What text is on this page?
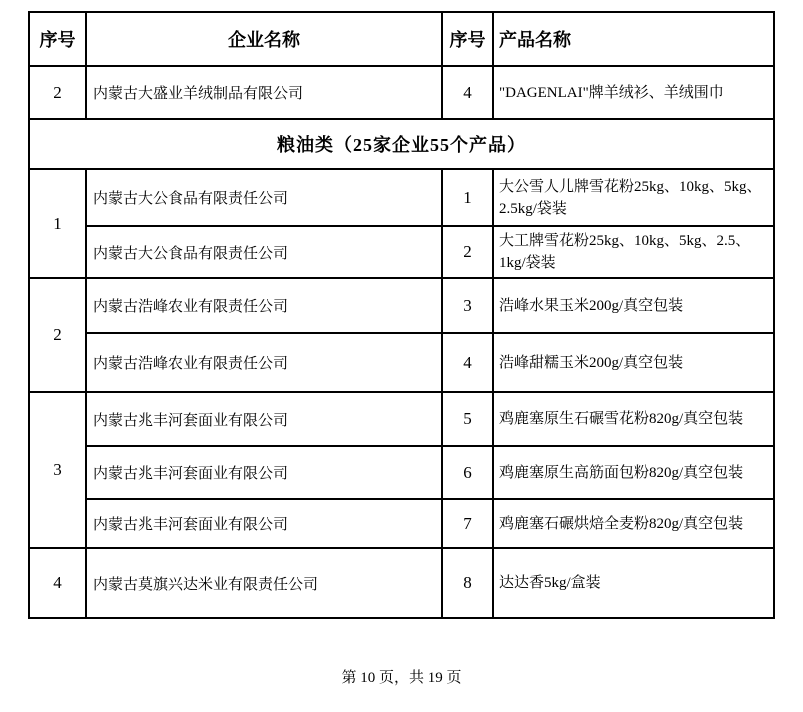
序号	企业名称	序号	产品名称
2	内蒙古大盛业羊绒制品有限公司	4	"DAGENLAI"牌羊绒衫、羊绒围巾
粮油类（25家企业55个产品）			
1	内蒙古大公食品有限责任公司	1	大公雪人儿牌雪花粉25kg、10kg、5kg、2.5kg/袋装
	内蒙古大公食品有限责任公司	2	大工牌雪花粉25kg、10kg、5kg、2.5、1kg/袋装
2	内蒙古浩峰农业有限责任公司	3	浩峰水果玉米200g/真空包装
	内蒙古浩峰农业有限责任公司	4	浩峰甜糯玉米200g/真空包装
3	内蒙古兆丰河套面业有限公司	5	鸡鹿塞原生石碾雪花粉820g/真空包装
	内蒙古兆丰河套面业有限公司	6	鸡鹿塞原生高筋面包粉820g/真空包装
	内蒙古兆丰河套面业有限公司	7	鸡鹿塞石碾烘焙全麦粉820g/真空包装
4	内蒙古莫旗兴达米业有限责任公司	8	达达香5kg/盒装
第 10 页，共 19 页
